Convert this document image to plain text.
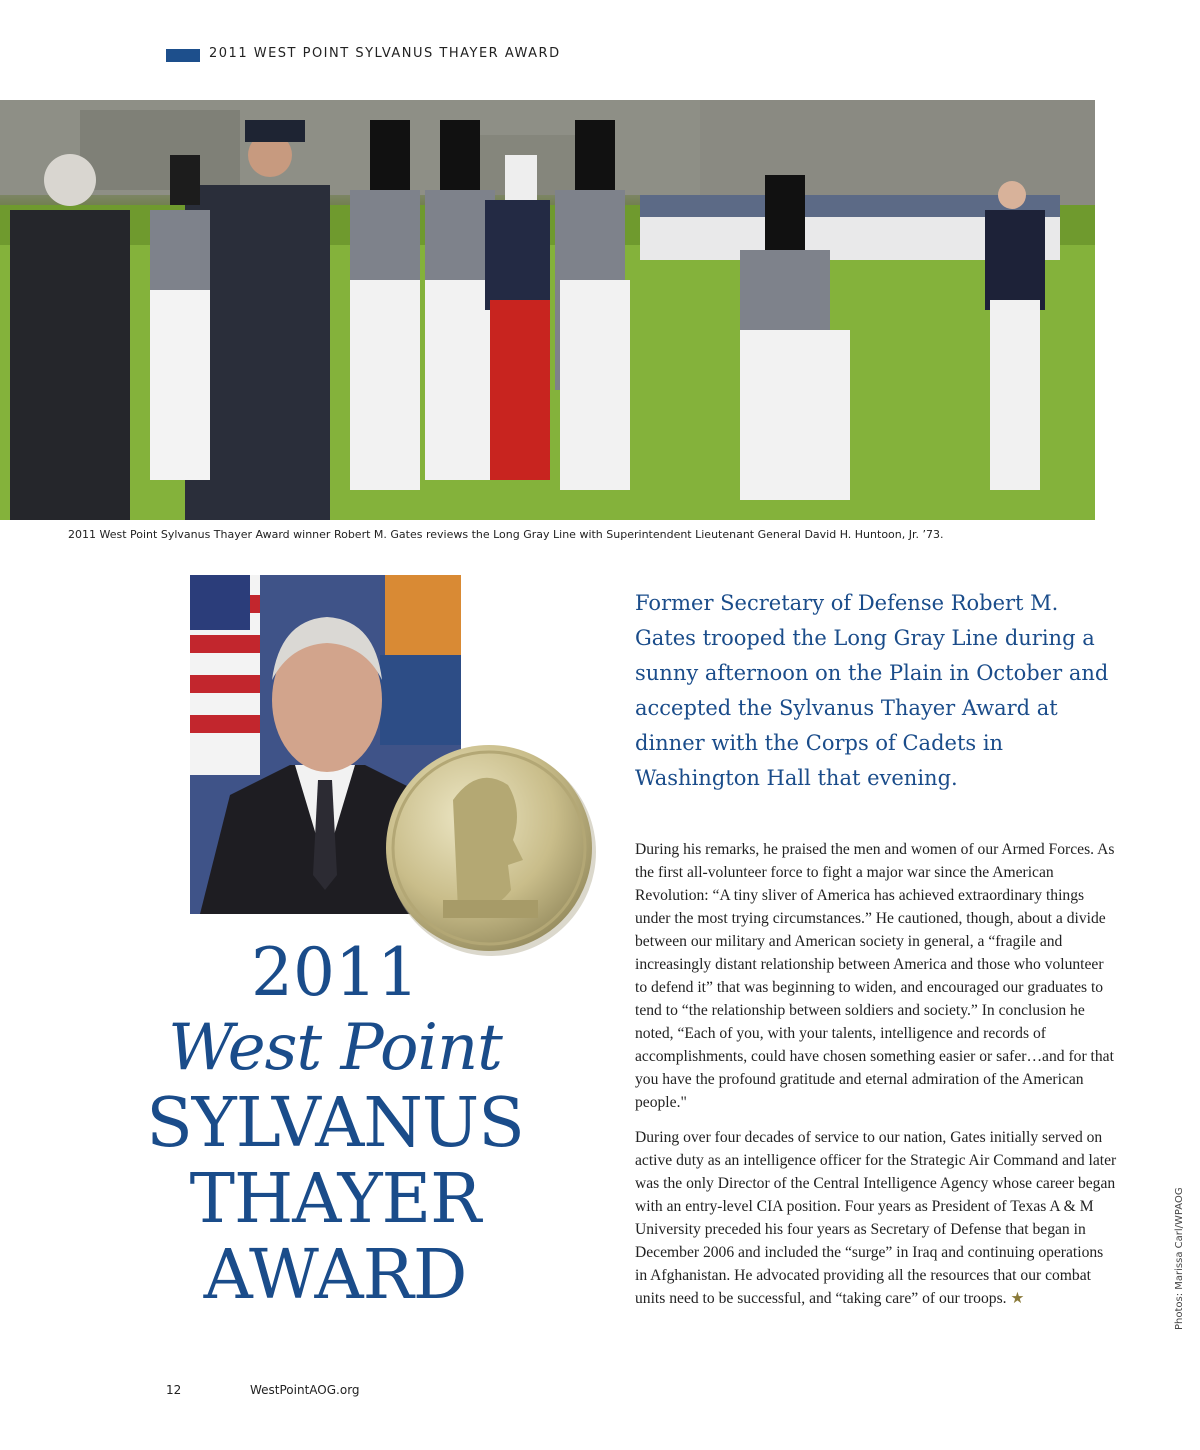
2011 WEST POINT SYLVANUS THAYER AWARD
2011 West Point Sylvanus Thayer Award winner Robert M. Gates reviews the Long Gray Line with Superintendent Lieutenant General David H. Huntoon, Jr. ’73.
2011
West Point
SYLVANUS
THAYER
AWARD
Former Secretary of Defense Robert M. Gates trooped the Long Gray Line during a sunny afternoon on the Plain in October and accepted the Sylvanus Thayer Award at dinner with the Corps of Cadets in Washington Hall that evening.

During his remarks, he praised the men and women of our Armed Forces. As the first all-volunteer force to fight a major war since the American Revolution: “A tiny sliver of America has achieved extraordinary things under the most trying circumstances.” He cautioned, though, about a divide between our military and American society in general, a “fragile and increasingly distant relationship between America and those who volunteer to defend it” that was beginning to widen, and encouraged our graduates to tend to “the relationship between soldiers and society.” In conclusion he noted, “Each of you, with your talents, intelligence and records of accomplishments, could have chosen something easier or safer…and for that you have the profound gratitude and eternal admiration of the American people."

During over four decades of service to our nation, Gates initially served on active duty as an intelligence officer for the Strategic Air Command and later was the only Director of the Central Intelligence Agency whose career began with an entry-level CIA position. Four years as President of Texas A & M University preceded his four years as Secretary of Defense that began in December 2006 and included the “surge” in Iraq and continuing operations in Afghanistan. He advocated providing all the resources that our combat units need to be successful, and “taking care” of our troops. ★	Photos: Marissa Carl/WPAOG
12	WestPointAOG.org
